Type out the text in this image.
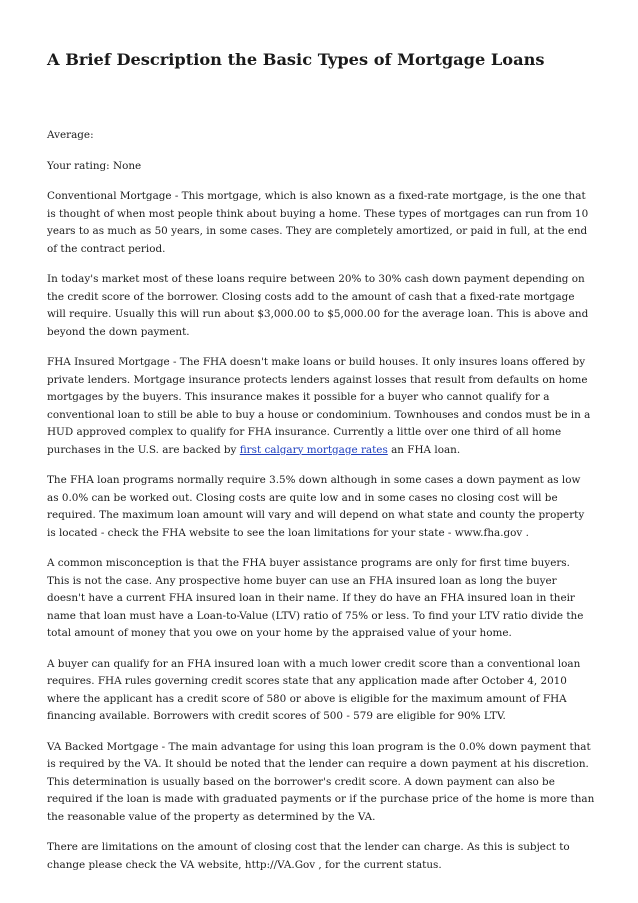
A Brief Description the Basic Types of Mortgage Loans

Average:

Your rating: None

Conventional Mortgage - This mortgage, which is also known as a fixed-rate mortgage, is the one that is thought of when most people think about buying a home. These types of mortgages can run from 10 years to as much as 50 years, in some cases. They are completely amortized, or paid in full, at the end of the contract period.

In today's market most of these loans require between 20% to 30% cash down payment depending on the credit score of the borrower. Closing costs add to the amount of cash that a fixed-rate mortgage will require. Usually this will run about $3,000.00 to $5,000.00 for the average loan. This is above and beyond the down payment.

FHA Insured Mortgage - The FHA doesn't make loans or build houses. It only insures loans offered by private lenders. Mortgage insurance protects lenders against losses that result from defaults on home mortgages by the buyers. This insurance makes it possible for a buyer who cannot qualify for a conventional loan to still be able to buy a house or condominium. Townhouses and condos must be in a HUD approved complex to qualify for FHA insurance. Currently a little over one third of all home purchases in the U.S. are backed by first calgary mortgage rates an FHA loan.

The FHA loan programs normally require 3.5% down although in some cases a down payment as low as 0.0% can be worked out. Closing costs are quite low and in some cases no closing cost will be required. The maximum loan amount will vary and will depend on what state and county the property is located - check the FHA website to see the loan limitations for your state - www.fha.gov .

A common misconception is that the FHA buyer assistance programs are only for first time buyers. This is not the case. Any prospective home buyer can use an FHA insured loan as long the buyer doesn't have a current FHA insured loan in their name. If they do have an FHA insured loan in their name that loan must have a Loan-to-Value (LTV) ratio of 75% or less. To find your LTV ratio divide the total amount of money that you owe on your home by the appraised value of your home.

A buyer can qualify for an FHA insured loan with a much lower credit score than a conventional loan requires. FHA rules governing credit scores state that any application made after October 4, 2010 where the applicant has a credit score of 580 or above is eligible for the maximum amount of FHA financing available. Borrowers with credit scores of 500 - 579 are eligible for 90% LTV.

VA Backed Mortgage - The main advantage for using this loan program is the 0.0% down payment that is required by the VA. It should be noted that the lender can require a down payment at his discretion. This determination is usually based on the borrower's credit score. A down payment can also be required if the loan is made with graduated payments or if the purchase price of the home is more than the reasonable value of the property as determined by the VA.

There are limitations on the amount of closing cost that the lender can charge. As this is subject to change please check the VA website, http://VA.Gov , for the current status.
